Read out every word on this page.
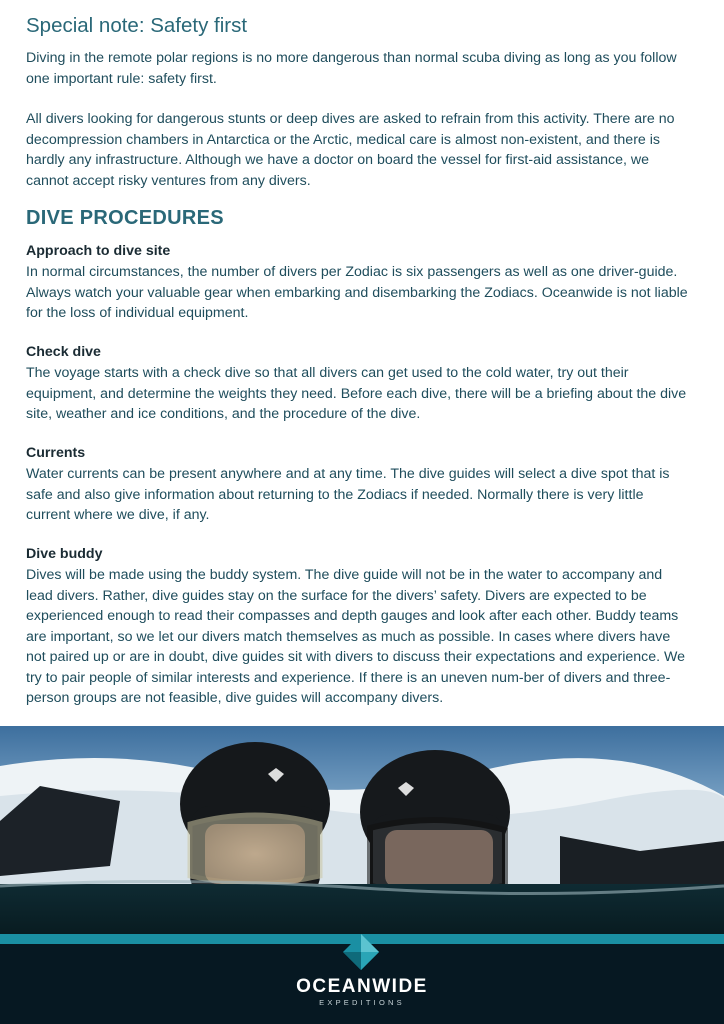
Special note: Safety first

Diving in the remote polar regions is no more dangerous than normal scuba diving as long as you follow one important rule: safety first.

All divers looking for dangerous stunts or deep dives are asked to refrain from this activity. There are no decompression chambers in Antarctica or the Arctic, medical care is almost non-existent, and there is hardly any infrastructure. Although we have a doctor on board the vessel for first-aid assistance, we cannot accept risky ventures from any divers.

DIVE PROCEDURES
Approach to dive site

In normal circumstances, the number of divers per Zodiac is six passengers as well as one driver-guide. Always watch your valuable gear when embarking and disembarking the Zodiacs. Oceanwide is not liable for the loss of individual equipment.

Check dive

The voyage starts with a check dive so that all divers can get used to the cold water, try out their equipment, and determine the weights they need. Before each dive, there will be a briefing about the dive site, weather and ice conditions, and the procedure of the dive.

Currents

Water currents can be present anywhere and at any time. The dive guides will select a dive spot that is safe and also give information about returning to the Zodiacs if needed. Normally there is very little current where we dive, if any.

Dive buddy

Dives will be made using the buddy system. The dive guide will not be in the water to accompany and lead divers. Rather, dive guides stay on the surface for the divers’ safety. Divers are expected to be experienced enough to read their compasses and depth gauges and look after each other. Buddy teams are important, so we let our divers match themselves as much as possible. In cases where divers have not paired up or are in doubt, dive guides sit with divers to discuss their expectations and experience. We try to pair people of similar interests and experience. If there is an uneven num-ber of divers and three-person groups are not feasible, dive guides will accompany divers.

OCEANWIDE
EXPEDITIONS
